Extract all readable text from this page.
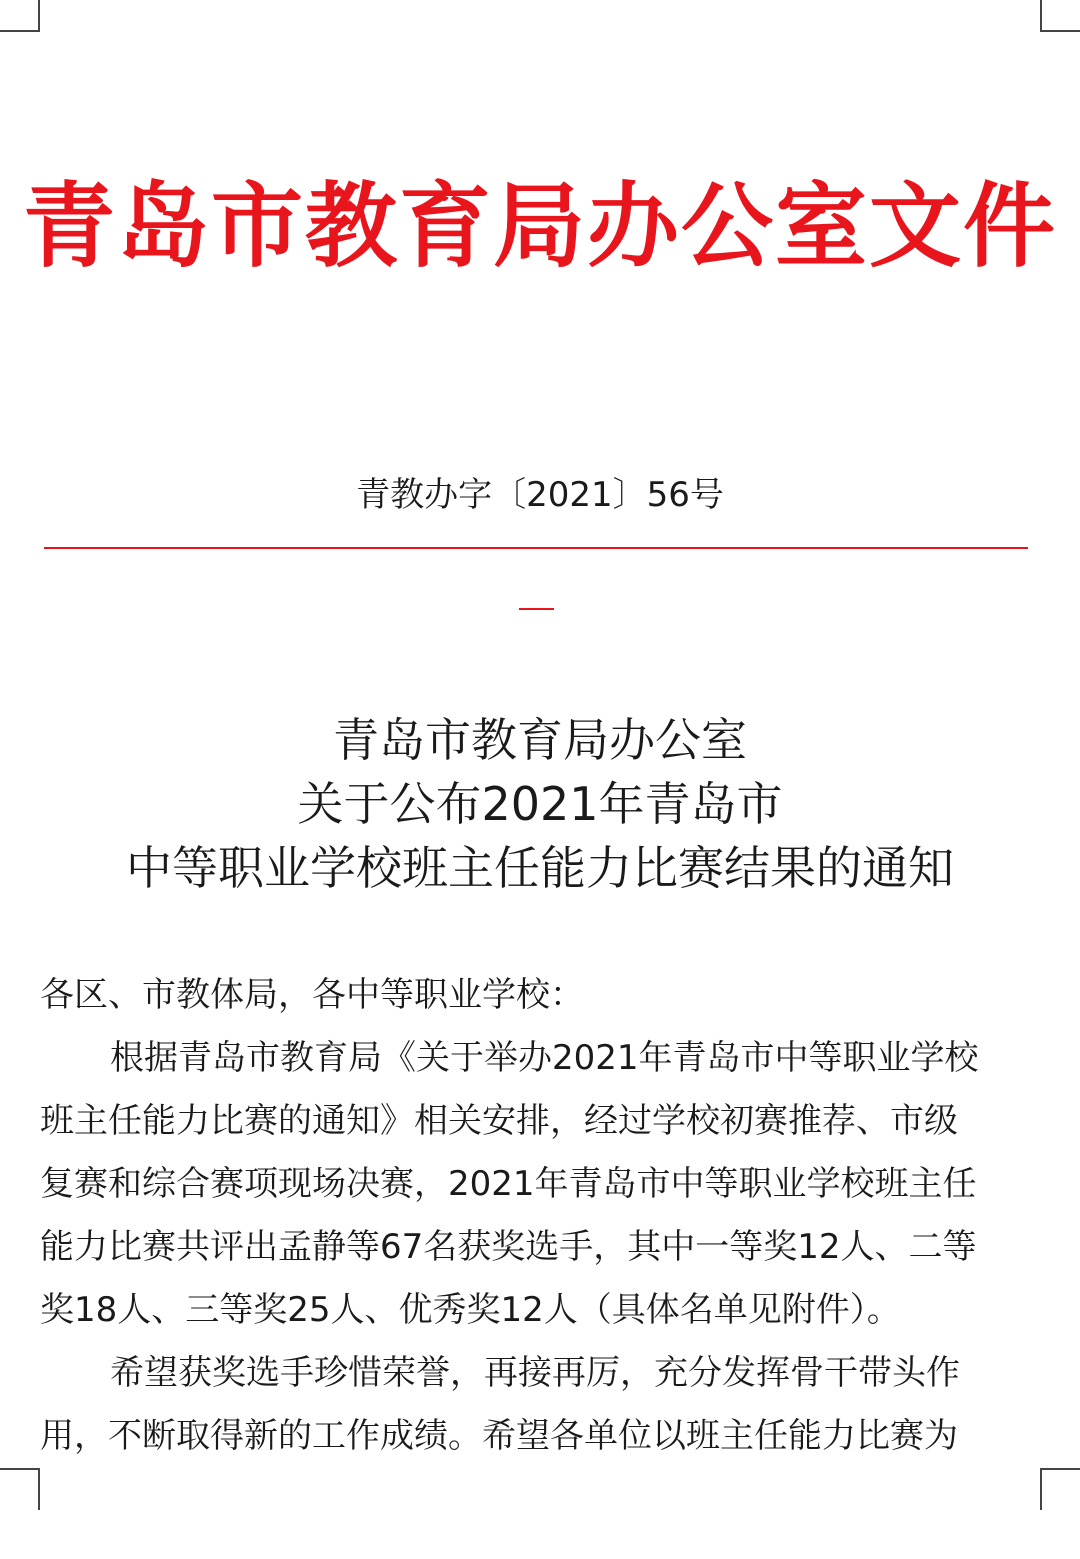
青岛市教育局办公室文件
青教办字〔2021〕56号
青岛市教育局办公室
关于公布2021年青岛市
中等职业学校班主任能力比赛结果的通知
各区、市教体局，各中等职业学校：
根据青岛市教育局《关于举办2021年青岛市中等职业学校
班主任能力比赛的通知》相关安排，经过学校初赛推荐、市级
复赛和综合赛项现场决赛，2021年青岛市中等职业学校班主任
能力比赛共评出孟静等67名获奖选手，其中一等奖12人、二等
奖18人、三等奖25人、优秀奖12人（具体名单见附件）。
希望获奖选手珍惜荣誉，再接再厉，充分发挥骨干带头作
用，不断取得新的工作成绩。希望各单位以班主任能力比赛为
